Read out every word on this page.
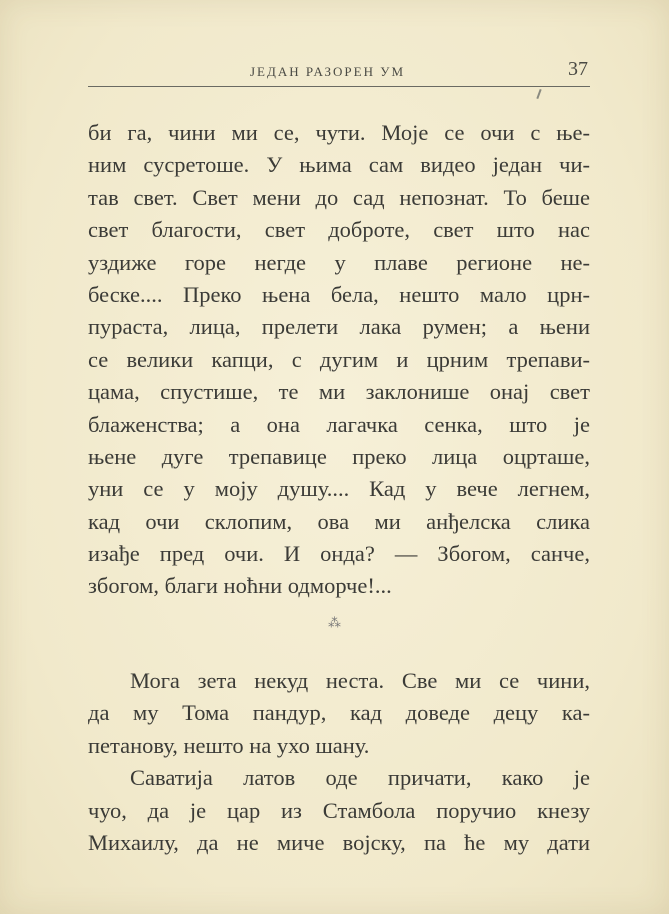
ЈЕДАН РАЗОРЕН УМ	37
би га, чини ми се, чути. Моје се очи с ње-
ним сусретоше. У њима сам видео један чи-
тав свет. Свет мени до сад непознат. То беше
свет благости, свет доброте, свет што нас
уздиже горе негде у плаве регионе не-
беске.... Преко њена бела, нешто мало црн-
пураста, лица, прелети лака румен; а њени
се велики капци, с дугим и црним трепави-
цама, спустише, те ми заклонише онај свет
блаженства; а она лагачка сенка, што је
њене дуге трепавице преко лица оцрташе,
уни се у моју душу.... Кад у вече легнем,
кад очи склопим, ова ми анђелска слика
изађе пред очи. И онда? — Збогом, санче,
збогом, благи ноћни одморче!...
⁂
Мога зета некуд неста. Све ми се чини,
да му Тома пандур, кад доведе децу ка-
петанову, нешто на ухо шану.
Саватија латов оде причати, како је
чуо, да је цар из Стамбола поручио кнезу
Михаилу, да не миче војску, па ће му дати
